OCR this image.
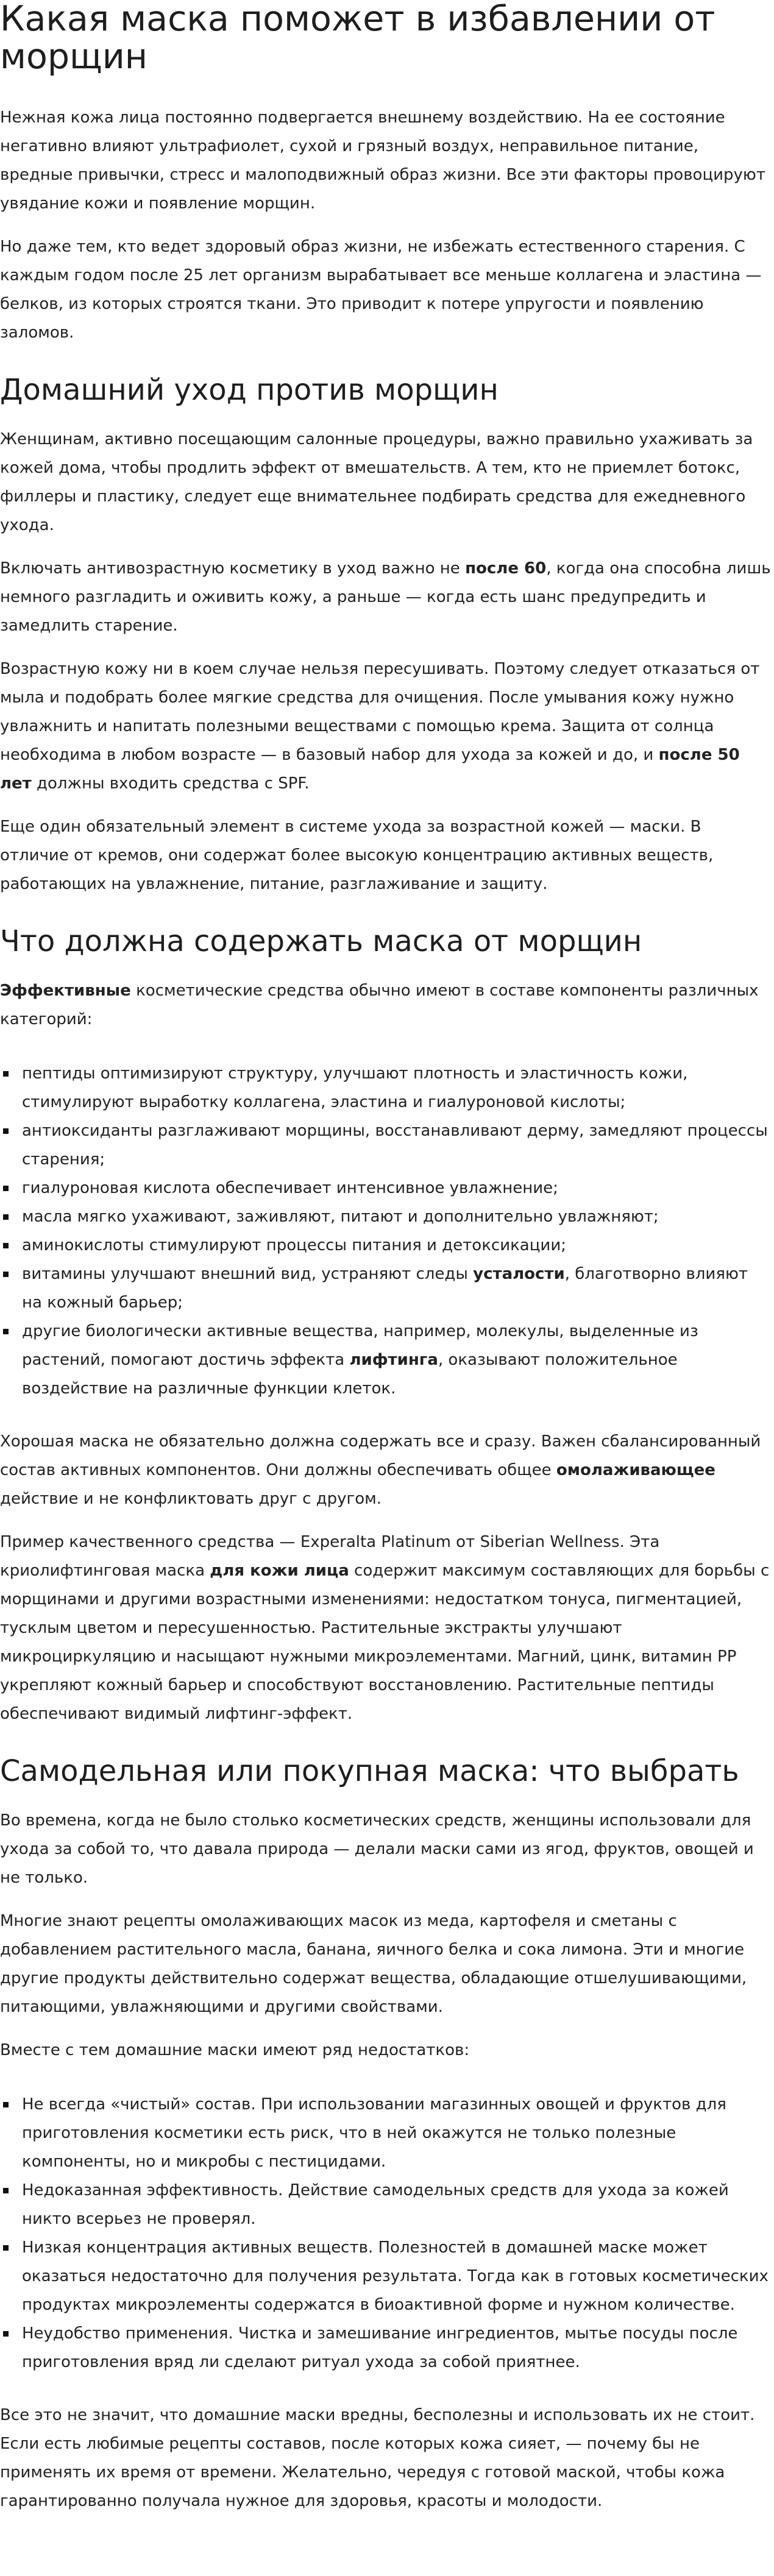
Какая маска поможет в избавлении от морщин

Нежная кожа лица постоянно подвергается внешнему воздействию. На ее состояние негативно влияют ультрафиолет, сухой и грязный воздух, неправильное питание, вредные привычки, стресс и малоподвижный образ жизни. Все эти факторы провоцируют увядание кожи и появление морщин.

Но даже тем, кто ведет здоровый образ жизни, не избежать естественного старения. С каждым годом после 25 лет организм вырабатывает все меньше коллагена и эластина — белков, из которых строятся ткани. Это приводит к потере упругости и появлению заломов.

Домашний уход против морщин

Женщинам, активно посещающим салонные процедуры, важно правильно ухаживать за кожей дома, чтобы продлить эффект от вмешательств. А тем, кто не приемлет ботокс, филлеры и пластику, следует еще внимательнее подбирать средства для ежедневного ухода.

Включать антивозрастную косметику в уход важно не после 60, когда она способна лишь немного разгладить и оживить кожу, а раньше — когда есть шанс предупредить и замедлить старение.

Возрастную кожу ни в коем случае нельзя пересушивать. Поэтому следует отказаться от мыла и подобрать более мягкие средства для очищения. После умывания кожу нужно увлажнить и напитать полезными веществами с помощью крема. Защита от солнца необходима в любом возрасте — в базовый набор для ухода за кожей и до, и после 50 лет должны входить средства с SPF.

Еще один обязательный элемент в системе ухода за возрастной кожей — маски. В отличие от кремов, они содержат более высокую концентрацию активных веществ, работающих на увлажнение, питание, разглаживание и защиту.

Что должна содержать маска от морщин

Эффективные косметические средства обычно имеют в составе компоненты различных категорий:

пептиды оптимизируют структуру, улучшают плотность и эластичность кожи, стимулируют выработку коллагена, эластина и гиалуроновой кислоты;
антиоксиданты разглаживают морщины, восстанавливают дерму, замедляют процессы старения;
гиалуроновая кислота обеспечивает интенсивное увлажнение;
масла мягко ухаживают, заживляют, питают и дополнительно увлажняют;
аминокислоты стимулируют процессы питания и детоксикации;
витамины улучшают внешний вид, устраняют следы усталости, благотворно влияют на кожный барьер;
другие биологически активные вещества, например, молекулы, выделенные из растений, помогают достичь эффекта лифтинга, оказывают положительное воздействие на различные функции клеток.

Хорошая маска не обязательно должна содержать все и сразу. Важен сбалансированный состав активных компонентов. Они должны обеспечивать общее омолаживающее действие и не конфликтовать друг с другом.

Пример качественного средства — Experalta Platinum от Siberian Wellness. Эта криолифтинговая маска для кожи лица содержит максимум составляющих для борьбы с морщинами и другими возрастными изменениями: недостатком тонуса, пигментацией, тусклым цветом и пересушенностью. Растительные экстракты улучшают микроциркуляцию и насыщают нужными микроэлементами. Магний, цинк, витамин PP укрепляют кожный барьер и способствуют восстановлению. Растительные пептиды обеспечивают видимый лифтинг-эффект.

Самодельная или покупная маска: что выбрать

Во времена, когда не было столько косметических средств, женщины использовали для ухода за собой то, что давала природа — делали маски сами из ягод, фруктов, овощей и не только.

Многие знают рецепты омолаживающих масок из меда, картофеля и сметаны с добавлением растительного масла, банана, яичного белка и сока лимона. Эти и многие другие продукты действительно содержат вещества, обладающие отшелушивающими, питающими, увлажняющими и другими свойствами.

Вместе с тем домашние маски имеют ряд недостатков:

Не всегда «чистый» состав. При использовании магазинных овощей и фруктов для приготовления косметики есть риск, что в ней окажутся не только полезные компоненты, но и микробы с пестицидами.
Недоказанная эффективность. Действие самодельных средств для ухода за кожей никто всерьез не проверял.
Низкая концентрация активных веществ. Полезностей в домашней маске может оказаться недостаточно для получения результата. Тогда как в готовых косметических продуктах микроэлементы содержатся в биоактивной форме и нужном количестве.
Неудобство применения. Чистка и замешивание ингредиентов, мытье посуды после приготовления вряд ли сделают ритуал ухода за собой приятнее.

Все это не значит, что домашние маски вредны, бесполезны и использовать их не стоит. Если есть любимые рецепты составов, после которых кожа сияет, — почему бы не применять их время от времени. Желательно, чередуя с готовой маской, чтобы кожа гарантированно получала нужное для здоровья, красоты и молодости.
